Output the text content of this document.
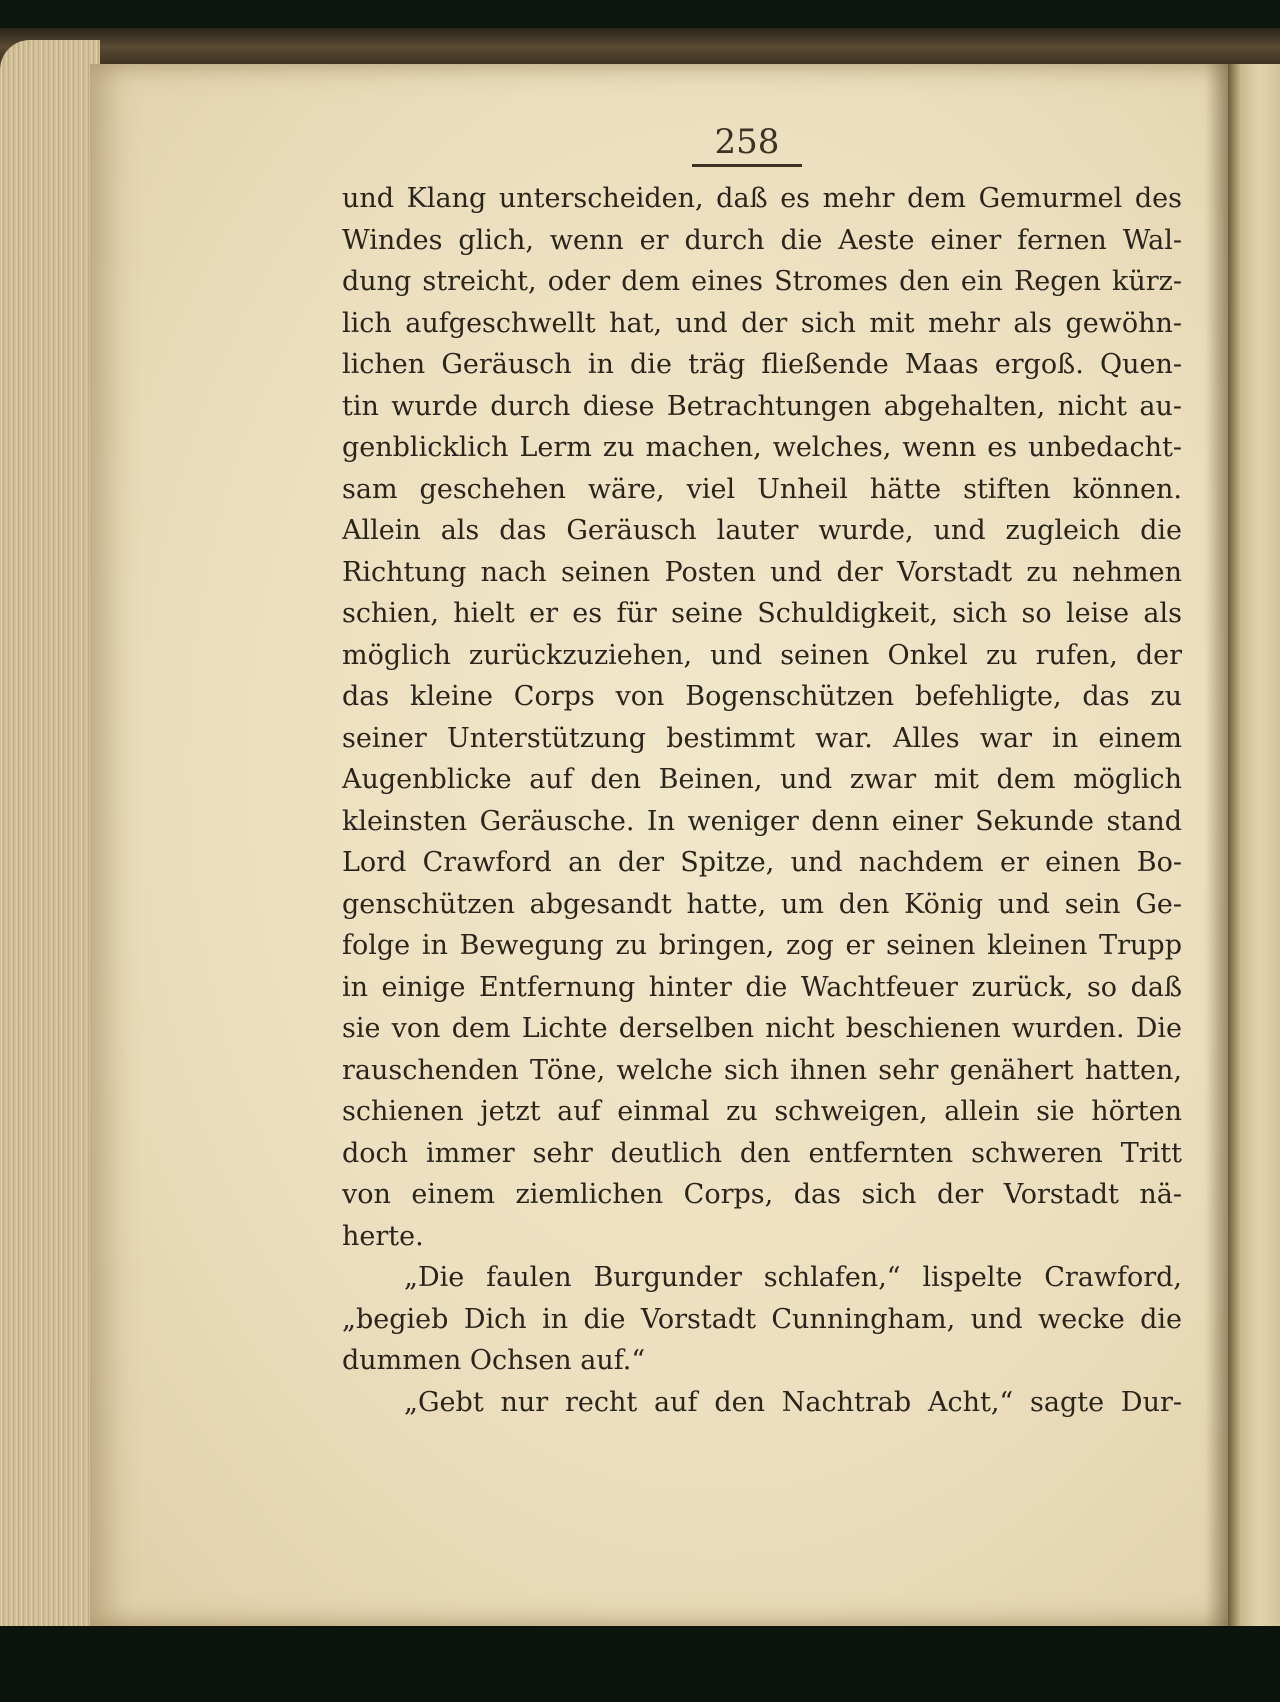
258
und Klang unterscheiden, daß es mehr dem Gemurmel des
Windes glich, wenn er durch die Aeste einer fernen Wal-
dung streicht, oder dem eines Stromes den ein Regen kürz-
lich aufgeschwellt hat, und der sich mit mehr als gewöhn-
lichen Geräusch in die träg fließende Maas ergoß. Quen-
tin wurde durch diese Betrachtungen abgehalten, nicht au-
genblicklich Lerm zu machen, welches, wenn es unbedacht-
sam geschehen wäre, viel Unheil hätte stiften können.
Allein als das Geräusch lauter wurde, und zugleich die
Richtung nach seinen Posten und der Vorstadt zu nehmen
schien, hielt er es für seine Schuldigkeit, sich so leise als
möglich zurückzuziehen, und seinen Onkel zu rufen, der
das kleine Corps von Bogenschützen befehligte, das zu
seiner Unterstützung bestimmt war. Alles war in einem
Augenblicke auf den Beinen, und zwar mit dem möglich
kleinsten Geräusche. In weniger denn einer Sekunde stand
Lord Crawford an der Spitze, und nachdem er einen Bo-
genschützen abgesandt hatte, um den König und sein Ge-
folge in Bewegung zu bringen, zog er seinen kleinen Trupp
in einige Entfernung hinter die Wachtfeuer zurück, so daß
sie von dem Lichte derselben nicht beschienen wurden. Die
rauschenden Töne, welche sich ihnen sehr genähert hatten,
schienen jetzt auf einmal zu schweigen, allein sie hörten
doch immer sehr deutlich den entfernten schweren Tritt
von einem ziemlichen Corps, das sich der Vorstadt nä-
herte.
„Die faulen Burgunder schlafen,“ lispelte Crawford,
„begieb Dich in die Vorstadt Cunningham, und wecke die
dummen Ochsen auf.“
„Gebt nur recht auf den Nachtrab Acht,“ sagte Dur-
